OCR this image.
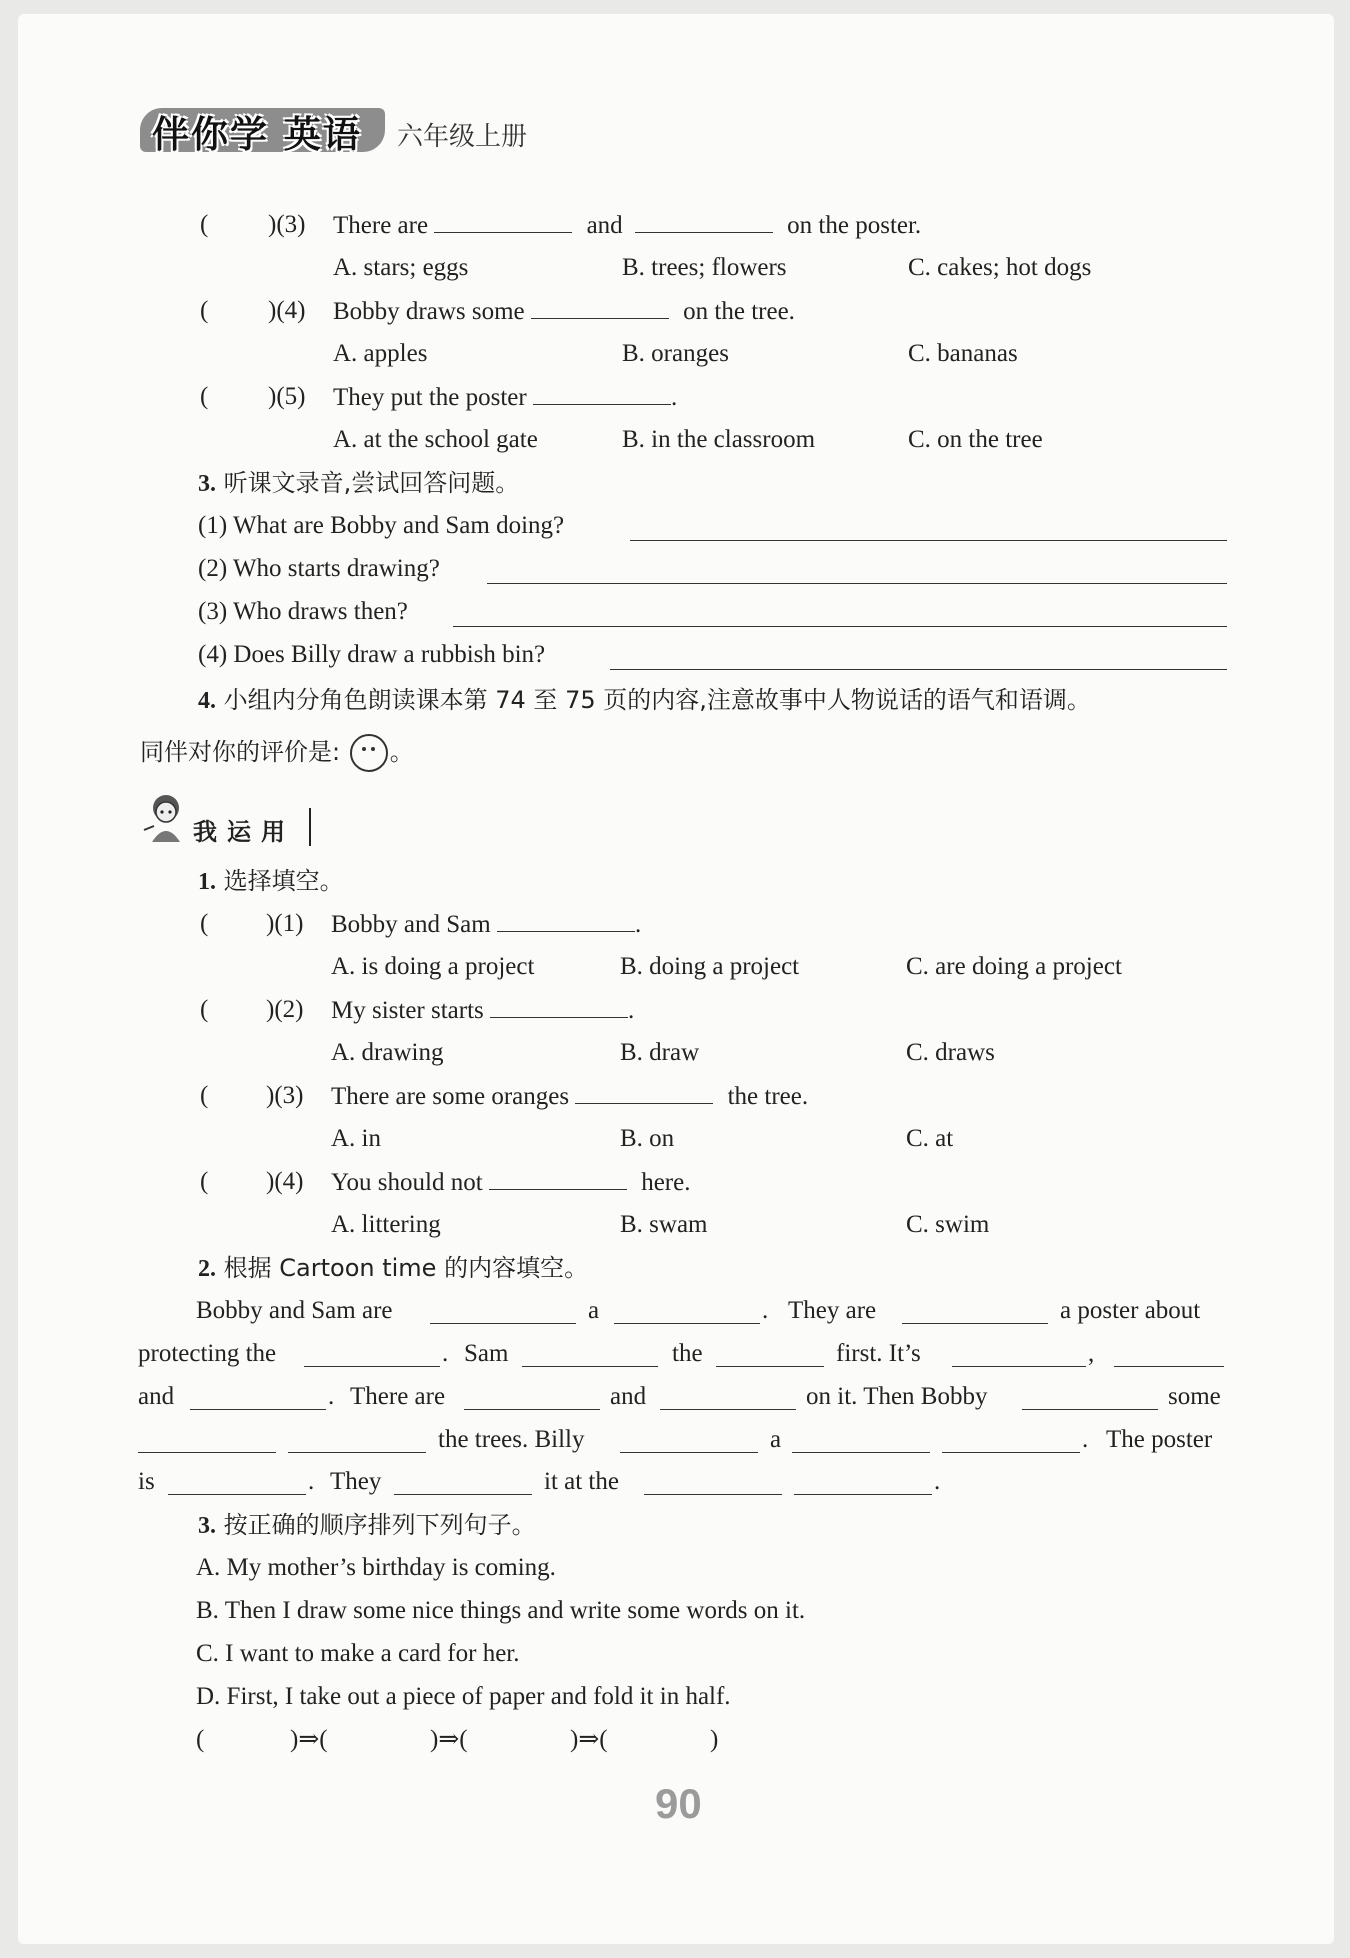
伴你学 英语 六年级上册
( )(3) There are	and	on the poster.
A. stars; eggs	B. trees; flowers	C. cakes; hot dogs
( )(4) Bobby draws some	on the tree.
A. apples	B. oranges	C. bananas
( )(5) They put the poster	.
A. at the school gate	B. in the classroom	C. on the tree
3. 听课文录音,尝试回答问题。
(1) What are Bobby and Sam doing?
(2) Who starts drawing?
(3) Who draws then?
(4) Does Billy draw a rubbish bin?
4. 小组内分角色朗读课本第 74 至 75 页的内容,注意故事中人物说话的语气和语调。
同伴对你的评价是: 。
我运用
1. 选择填空。
( )(1) Bobby and Sam	.
A. is doing a project	B. doing a project	C. are doing a project
( )(2) My sister starts	.
A. drawing	B. draw	C. draws
( )(3) There are some oranges	the tree.
A. in	B. on	C. at
( )(4) You should not	here.
A. littering	B. swam	C. swim
2. 根据 Cartoon time 的内容填空。
Bobby and Sam are	a	. They are	a poster about
protecting the	. Sam	the	first. It’s	,
and	. There are	and	on it. Then Bobby	some
the trees. Billy	a	. The poster
is	. They	it at the	.
3. 按正确的顺序排列下列句子。
A. My mother’s birthday is coming.
B. Then I draw some nice things and write some words on it.
C. I want to make a card for her.
D. First, I take out a piece of paper and fold it in half.
(	)⇒(	)⇒(	)⇒(	)
90
